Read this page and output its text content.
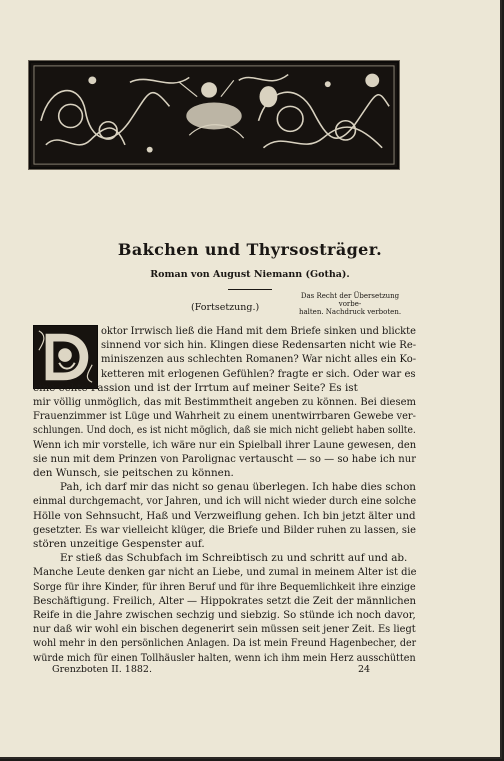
Bakchen und Thyrsosträger.
Roman von August Niemann (Gotha).
(Fortsetzung.)
Das Recht der Übersetzung vorbe-
halten. Nachdruck verboten.
oktor Irrwisch ließ die Hand mit dem Briefe sinken und blickte
sinnend vor sich hin. Klingen diese Redensarten nicht wie Re-
miniszenzen aus schlechten Romanen? War nicht alles ein Ko-
ketteren mit erlogenen Gefühlen? fragte er sich. Oder war es
eine echte Passion und ist der Irrtum auf meiner Seite? Es ist
mir völlig unmöglich, das mit Bestimmtheit angeben zu können. Bei diesem
Frauenzimmer ist Lüge und Wahrheit zu einem unentwirrbaren Gewebe ver-
schlungen. Und doch, es ist nicht möglich, daß sie mich nicht geliebt haben sollte.
Wenn ich mir vorstelle, ich wäre nur ein Spielball ihrer Laune gewesen, den
sie nun mit dem Prinzen von Parolignac vertauscht — so — so habe ich nur
den Wunsch, sie peitschen zu können.
Pah, ich darf mir das nicht so genau überlegen. Ich habe dies schon
einmal durchgemacht, vor Jahren, und ich will nicht wieder durch eine solche
Hölle von Sehnsucht, Haß und Verzweiflung gehen. Ich bin jetzt älter und
gesetzter. Es war vielleicht klüger, die Briefe und Bilder ruhen zu lassen, sie
stören unzeitige Gespenster auf.
Er stieß das Schubfach im Schreibtisch zu und schritt auf und ab.
Manche Leute denken gar nicht an Liebe, und zumal in meinem Alter ist die
Sorge für ihre Kinder, für ihren Beruf und für ihre Bequemlichkeit ihre einzige
Beschäftigung. Freilich, Alter — Hippokrates setzt die Zeit der männlichen
Reife in die Jahre zwischen sechzig und siebzig. So stünde ich noch davor,
nur daß wir wohl ein bischen degenerirt sein müssen seit jener Zeit. Es liegt
wohl mehr in den persönlichen Anlagen. Da ist mein Freund Hagenbecher, der
würde mich für einen Tollhäusler halten, wenn ich ihm mein Herz ausschütten
Grenzboten II. 1882.	24
